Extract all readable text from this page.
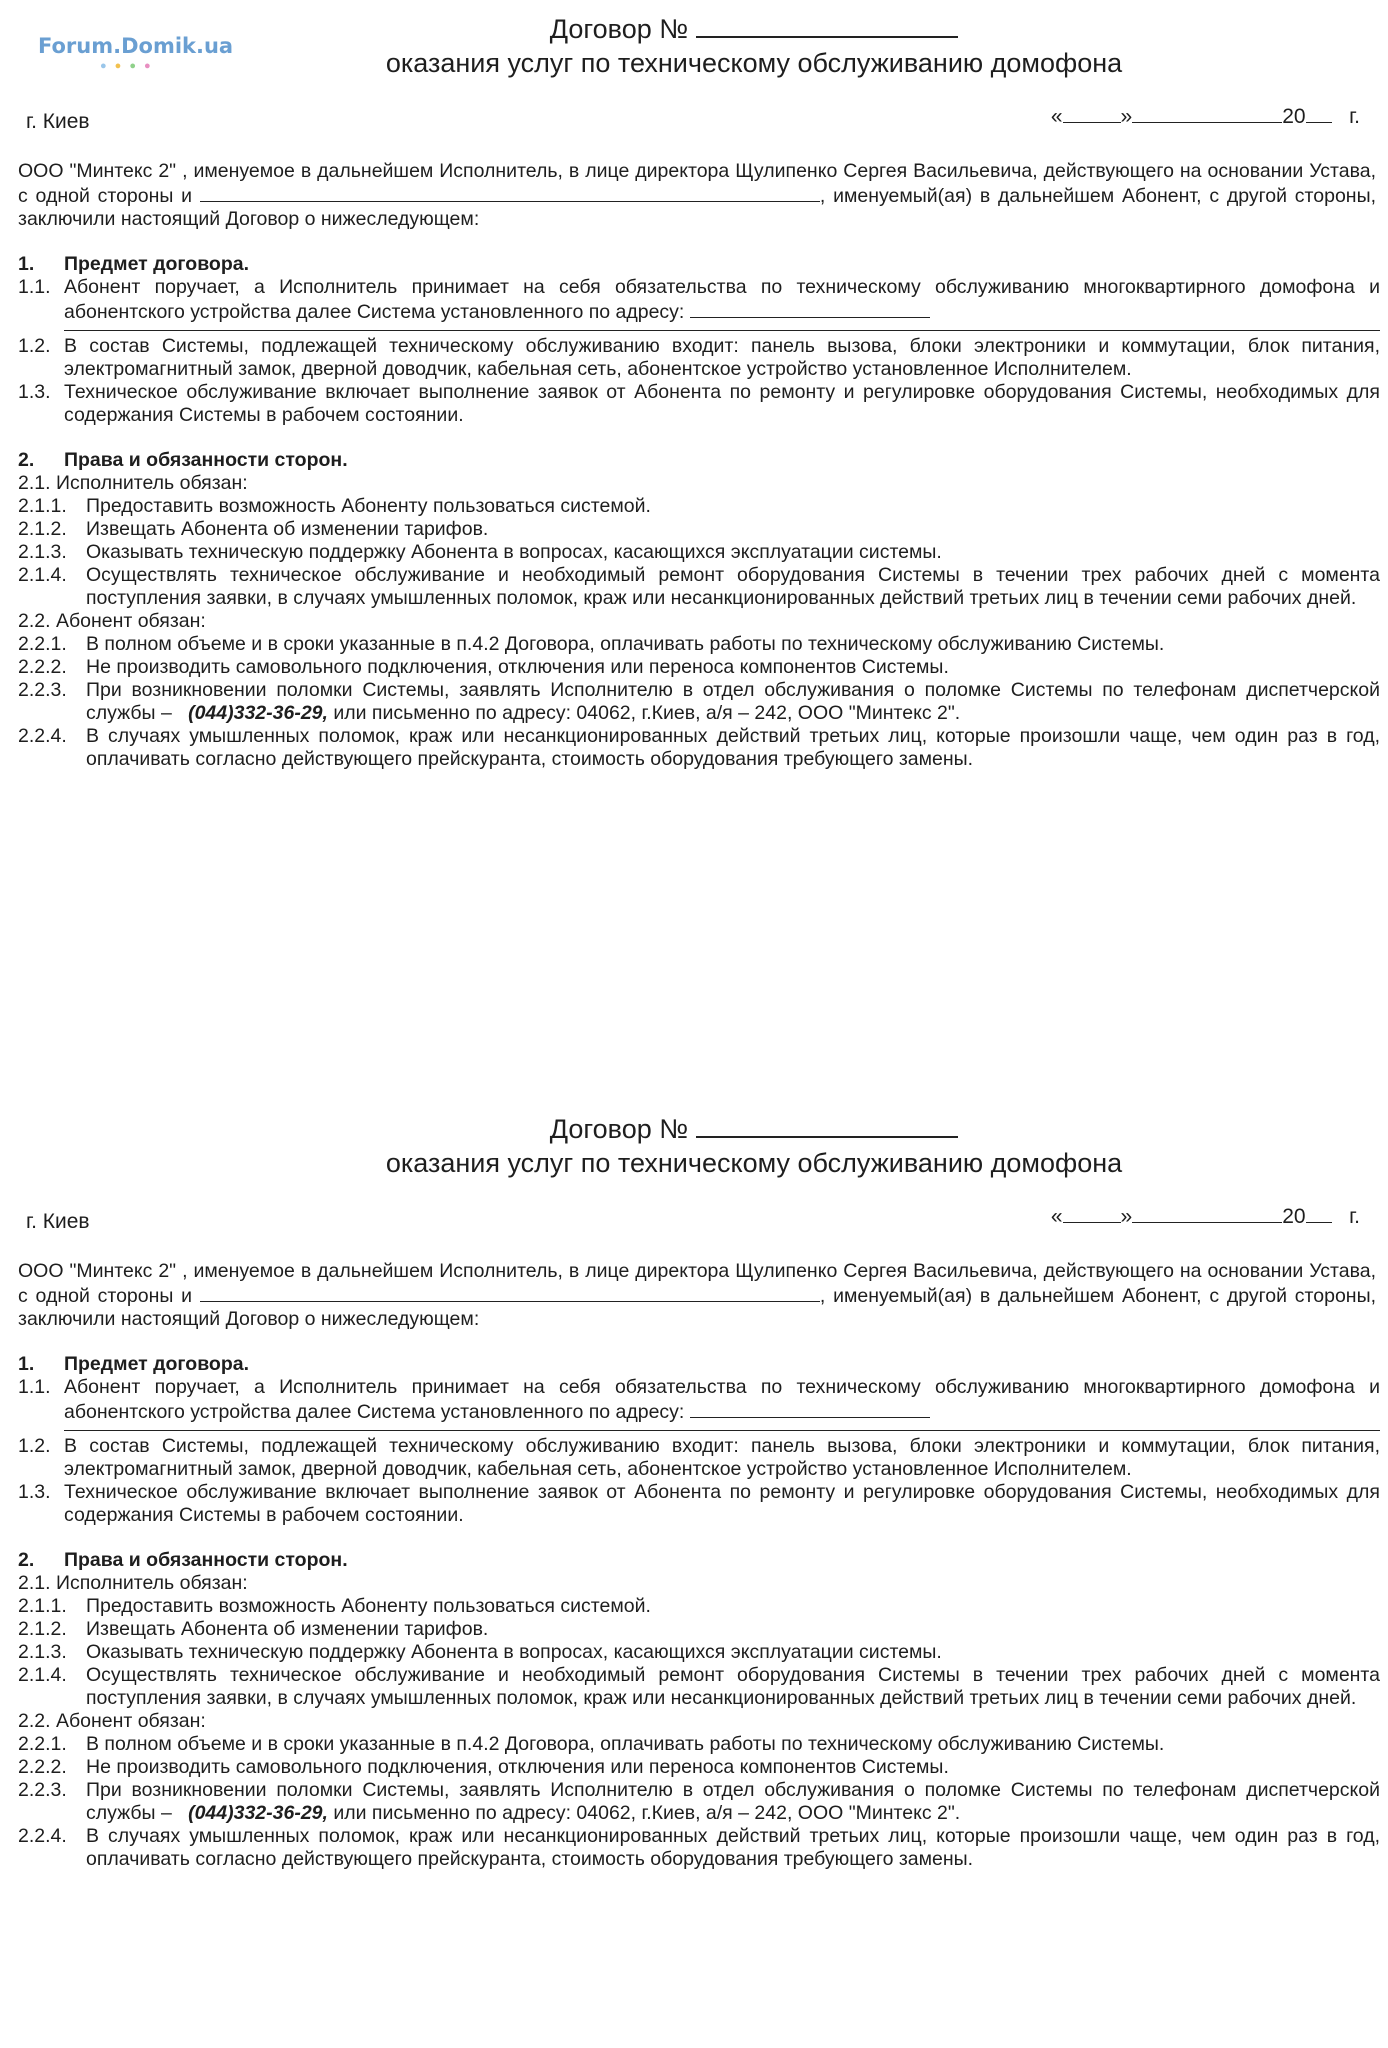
Forum.Domik.ua
●●●●
Договор №
оказания услуг по техническому обслуживанию домофона
г. Киев	«	»	20 г.
ООО "Минтекс 2" , именуемое в дальнейшем Исполнитель, в лице директора Щулипенко Сергея Васильевича, действующего на основании Устава, с одной стороны и	, именуемый(ая) в дальнейшем Абонент, с другой стороны, заключили настоящий Договор о нижеследующем:
1. Предмет договора.
1.1. Абонент поручает, а Исполнитель принимает на себя обязательства по техническому обслуживанию многоквартирного домофона и абонентского устройства далее Система установленного по адресу:
1.2. В состав Системы, подлежащей техническому обслуживанию входит: панель вызова, блоки электроники и коммутации, блок питания, электромагнитный замок, дверной доводчик, кабельная сеть, абонентское устройство установленное Исполнителем.
1.3. Техническое обслуживание включает выполнение заявок от Абонента по ремонту и регулировке оборудования Системы, необходимых для содержания Системы в рабочем состоянии.
2. Права и обязанности сторон.
2.1. Исполнитель обязан:
2.1.1. Предоставить возможность Абоненту пользоваться системой.
2.1.2. Извещать Абонента об изменении тарифов.
2.1.3. Оказывать техническую поддержку Абонента в вопросах, касающихся эксплуатации системы.
2.1.4. Осуществлять техническое обслуживание и необходимый ремонт оборудования Системы в течении трех рабочих дней с момента поступления заявки, в случаях умышленных поломок, краж или несанкционированных действий третьих лиц в течении семи рабочих дней.
2.2. Абонент обязан:
2.2.1. В полном объеме и в сроки указанные в п.4.2 Договора, оплачивать работы по техническому обслуживанию Системы.
2.2.2. Не производить самовольного подключения, отключения или переноса компонентов Системы.
2.2.3. При возникновении поломки Системы, заявлять Исполнителю в отдел обслуживания о поломке Системы по телефонам диспетчерской службы – (044)332-36-29, или письменно по адресу: 04062, г.Киев, а/я – 242, ООО "Минтекс 2".
2.2.4. В случаях умышленных поломок, краж или несанкционированных действий третьих лиц, которые произошли чаще, чем один раз в год, оплачивать согласно действующего прейскуранта, стоимость оборудования требующего замены.
Договор №
оказания услуг по техническому обслуживанию домофона
г. Киев	«	»	20 г.
ООО "Минтекс 2" , именуемое в дальнейшем Исполнитель, в лице директора Щулипенко Сергея Васильевича, действующего на основании Устава, с одной стороны и	, именуемый(ая) в дальнейшем Абонент, с другой стороны, заключили настоящий Договор о нижеследующем:
1. Предмет договора.
1.1. Абонент поручает, а Исполнитель принимает на себя обязательства по техническому обслуживанию многоквартирного домофона и абонентского устройства далее Система установленного по адресу:
1.2. В состав Системы, подлежащей техническому обслуживанию входит: панель вызова, блоки электроники и коммутации, блок питания, электромагнитный замок, дверной доводчик, кабельная сеть, абонентское устройство установленное Исполнителем.
1.3. Техническое обслуживание включает выполнение заявок от Абонента по ремонту и регулировке оборудования Системы, необходимых для содержания Системы в рабочем состоянии.
2. Права и обязанности сторон.
2.1. Исполнитель обязан:
2.1.1. Предоставить возможность Абоненту пользоваться системой.
2.1.2. Извещать Абонента об изменении тарифов.
2.1.3. Оказывать техническую поддержку Абонента в вопросах, касающихся эксплуатации системы.
2.1.4. Осуществлять техническое обслуживание и необходимый ремонт оборудования Системы в течении трех рабочих дней с момента поступления заявки, в случаях умышленных поломок, краж или несанкционированных действий третьих лиц в течении семи рабочих дней.
2.2. Абонент обязан:
2.2.1. В полном объеме и в сроки указанные в п.4.2 Договора, оплачивать работы по техническому обслуживанию Системы.
2.2.2. Не производить самовольного подключения, отключения или переноса компонентов Системы.
2.2.3. При возникновении поломки Системы, заявлять Исполнителю в отдел обслуживания о поломке Системы по телефонам диспетчерской службы – (044)332-36-29, или письменно по адресу: 04062, г.Киев, а/я – 242, ООО "Минтекс 2".
2.2.4. В случаях умышленных поломок, краж или несанкционированных действий третьих лиц, которые произошли чаще, чем один раз в год, оплачивать согласно действующего прейскуранта, стоимость оборудования требующего замены.
